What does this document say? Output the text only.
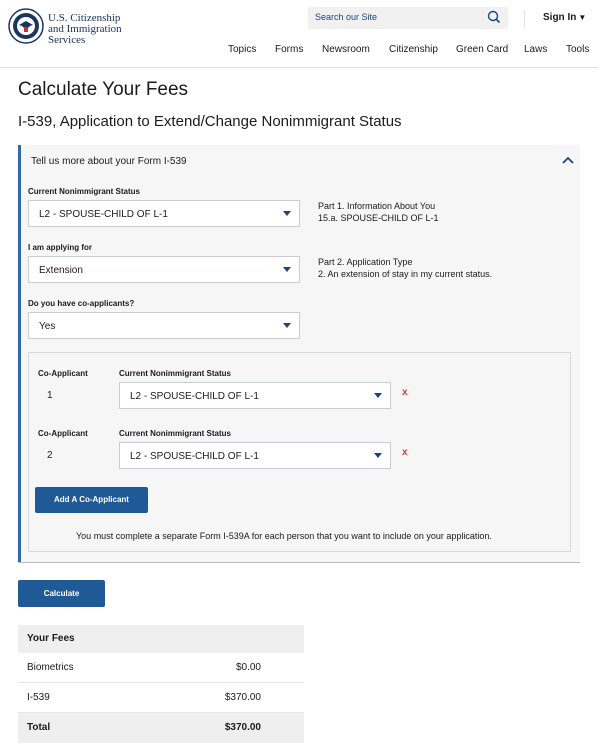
U.S. Citizenship
and Immigration
Services
Search our Site	Sign In ▼
Topics Forms Newsroom Citizenship Green Card Laws Tools
Calculate Your Fees
I-539, Application to Extend/Change Nonimmigrant Status
Tell us more about your Form I-539
Current Nonimmigrant Status
L2 - SPOUSE-CHILD OF L-1
Part 1. Information About You
15.a. SPOUSE-CHILD OF L-1
I am applying for
Extension
Part 2. Application Type
2. An extension of stay in my current status.
Do you have co-applicants?
Yes
Co-Applicant	Current Nonimmigrant Status
1	L2 - SPOUSE-CHILD OF L-1	x
Co-Applicant	Current Nonimmigrant Status
2	L2 - SPOUSE-CHILD OF L-1	x
Add A Co-Applicant
You must complete a separate Form I-539A for each person that you want to include on your application.
Calculate
Your Fees
Biometrics	$0.00
I-539	$370.00
Total	$370.00
